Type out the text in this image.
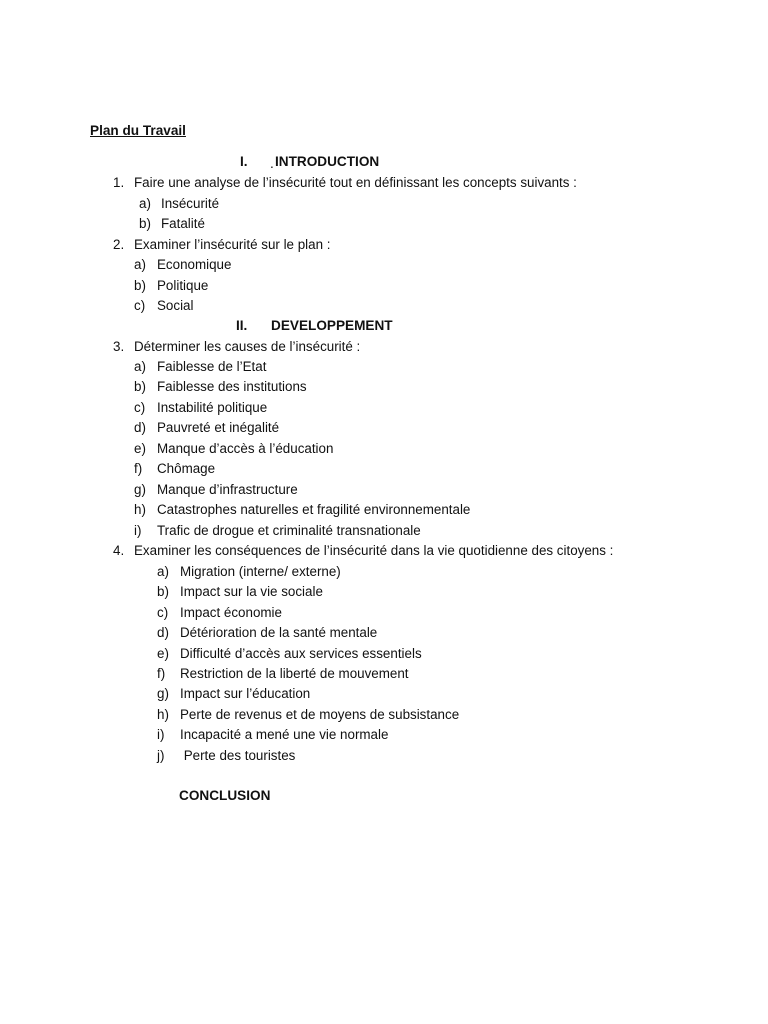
Plan du Travail
I. . INTRODUCTION
1. Faire une analyse de l’insécurité tout en définissant les concepts suivants :
a) Insécurité
b) Fatalité
2. Examiner l’insécurité sur le plan :
a) Economique
b) Politique
c) Social
II. DEVELOPPEMENT
3. Déterminer les causes de l’insécurité :
a) Faiblesse de l’Etat
b) Faiblesse des institutions
c) Instabilité politique
d) Pauvreté et inégalité
e) Manque d’accès à l’éducation
f) Chômage
g) Manque d’infrastructure
h) Catastrophes naturelles et fragilité environnementale
i) Trafic de drogue et criminalité transnationale
4. Examiner les conséquences de l’insécurité dans la vie quotidienne des citoyens :
a) Migration (interne/ externe)
b) Impact sur la vie sociale
c) Impact économie
d) Détérioration de la santé mentale
e) Difficulté d’accès aux services essentiels
f) Restriction de la liberté de mouvement
g) Impact sur l’éducation
h) Perte de revenus et de moyens de subsistance
i) Incapacité a mené une vie normale
j) Perte des touristes
CONCLUSION
